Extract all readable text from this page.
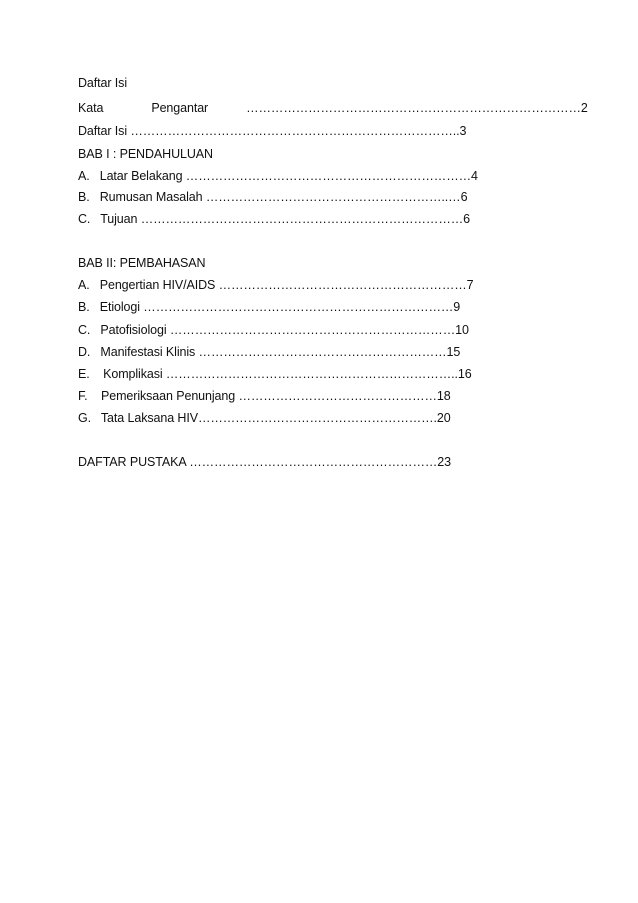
Daftar Isi
Kata	Pengantar	………………………………………………………………………2
Daftar Isi ……………………………………………………………………..3
BAB I : PENDAHULUAN
A.   Latar Belakang ……………………………………………………………4
B.   Rumusan Masalah …………………………………………………..…6
C.   Tujuan ……………………………………………………………………6
BAB II: PEMBAHASAN
A.   Pengertian HIV/AIDS ……………………………………………………7
B.   Etiologi …………………………………………………………………9
C.   Patofisiologi ……………………………………………………………10
D.   Manifestasi Klinis ……………………………………………………15
E.    Komplikasi ……………………………………………………………..16
F.    Pemeriksaan Penunjang …………………………………………18
G.   Tata Laksana HIV………………………………………………….20
DAFTAR PUSTAKA ……………………………………………………23
